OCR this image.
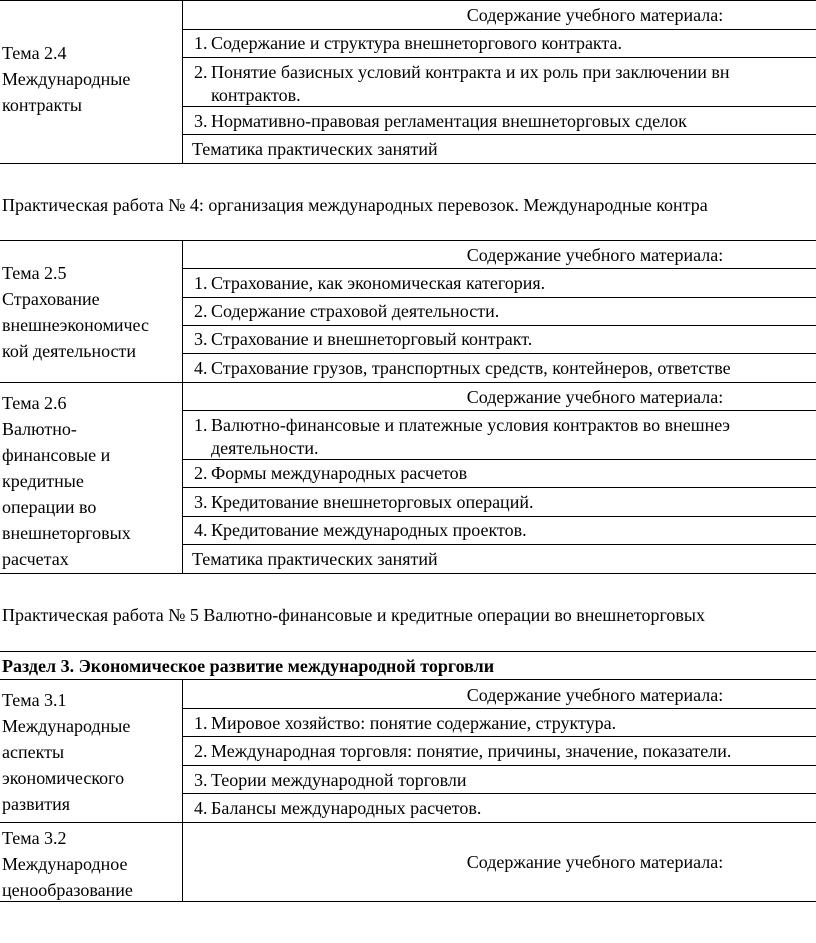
Тема 2.4
Международные
контракты
Содержание учебного материала:
1. Содержание и структура внешнеторгового контракта.
2. Понятие базисных условий контракта и их роль при заключении вн
контрактов.
3. Нормативно-правовая регламентация внешнеторговых сделок
Тематика практических занятий
Практическая работа № 4: организация международных перевозок. Международные контра
Тема 2.5
Страхование
внешнеэкономичес
кой деятельности
Содержание учебного материала:
1. Страхование, как экономическая категория.
2. Содержание страховой деятельности.
3. Страхование и внешнеторговый контракт.
4. Страхование грузов, транспортных средств, контейнеров, ответстве
Тема 2.6
Валютно-
финансовые и
кредитные
операции во
внешнеторговых
расчетах
Содержание учебного материала:
1. Валютно-финансовые и платежные условия контрактов во внешнеэ
деятельности.
2. Формы международных расчетов
3. Кредитование внешнеторговых операций.
4. Кредитование международных проектов.
Тематика практических занятий
Практическая работа № 5 Валютно-финансовые и кредитные операции во внешнеторговых
Раздел 3. Экономическое развитие международной торговли
Тема 3.1
Международные
аспекты
экономического
развития
Содержание учебного материала:
1. Мировое хозяйство: понятие содержание, структура.
2. Международная торговля: понятие, причины, значение, показатели.
3. Теории международной торговли
4. Балансы международных расчетов.
Тема 3.2
Международное
ценообразование
Содержание учебного материала:
